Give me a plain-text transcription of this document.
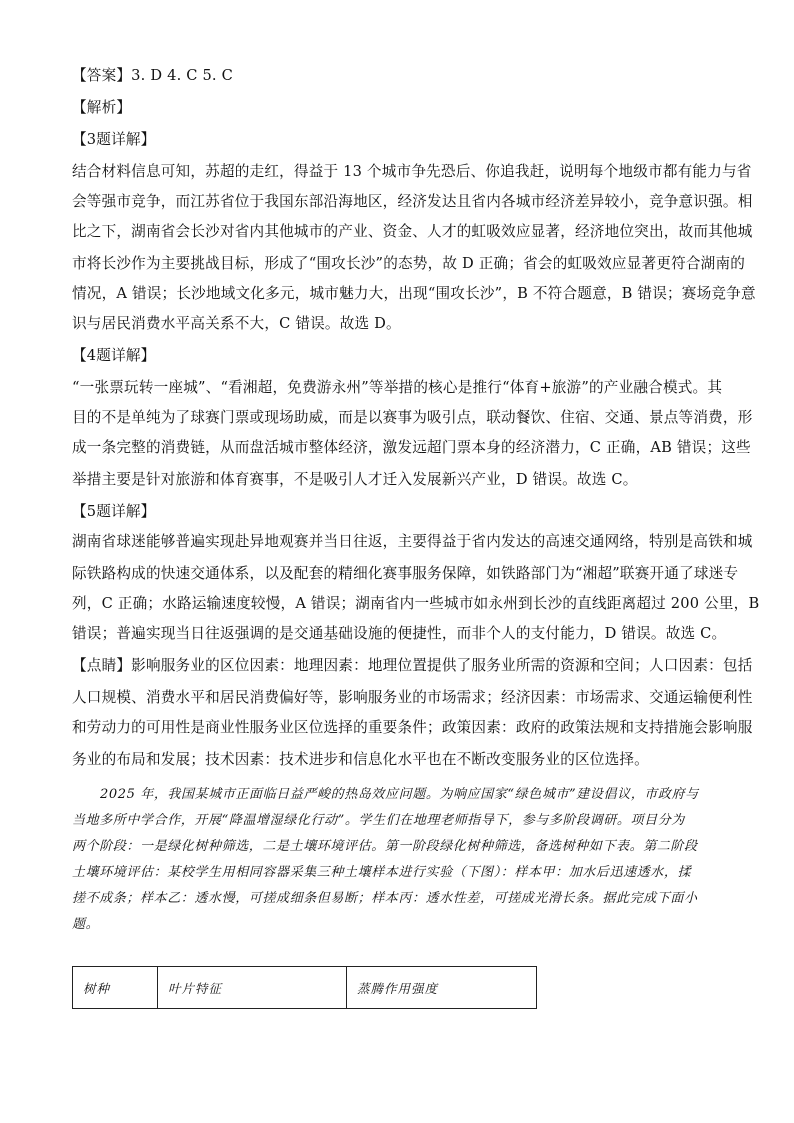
【答案】3. D 4. C 5. C
【解析】
【3题详解】
结合材料信息可知，苏超的走红，得益于 13 个城市争先恐后、你追我赶，说明每个地级市都有能力与省
会等强市竞争，而江苏省位于我国东部沿海地区，经济发达且省内各城市经济差异较小，竞争意识强。相
比之下，湖南省会长沙对省内其他城市的产业、资金、人才的虹吸效应显著，经济地位突出，故而其他城
市将长沙作为主要挑战目标，形成了“围攻长沙”的态势，故 D 正确；省会的虹吸效应显著更符合湖南的
情况，A 错误；长沙地域文化多元，城市魅力大，出现“围攻长沙”，B 不符合题意，B 错误；赛场竞争意
识与居民消费水平高关系不大，C 错误。故选 D。
【4题详解】
“一张票玩转一座城”、“看湘超，免费游永州”等举措的核心是推行“体育+旅游”的产业融合模式。其
目的不是单纯为了球赛门票或现场助威，而是以赛事为吸引点，联动餐饮、住宿、交通、景点等消费，形
成一条完整的消费链，从而盘活城市整体经济，激发远超门票本身的经济潜力，C 正确，AB 错误；这些
举措主要是针对旅游和体育赛事，不是吸引人才迁入发展新兴产业，D 错误。故选 C。
【5题详解】
湖南省球迷能够普遍实现赴异地观赛并当日往返，主要得益于省内发达的高速交通网络，特别是高铁和城
际铁路构成的快速交通体系，以及配套的精细化赛事服务保障，如铁路部门为“湘超”联赛开通了球迷专
列，C 正确；水路运输速度较慢，A 错误；湖南省内一些城市如永州到长沙的直线距离超过 200 公里，B
错误；普遍实现当日往返强调的是交通基础设施的便捷性，而非个人的支付能力，D 错误。故选 C。
【点睛】影响服务业的区位因素：地理因素：地理位置提供了服务业所需的资源和空间；人口因素：包括
人口规模、消费水平和居民消费偏好等，影响服务业的市场需求；经济因素：市场需求、交通运输便利性
和劳动力的可用性是商业性服务业区位选择的重要条件；政策因素：政府的政策法规和支持措施会影响服
务业的布局和发展；技术因素：技术进步和信息化水平也在不断改变服务业的区位选择。
2025 年，我国某城市正面临日益严峻的热岛效应问题。为响应国家“绿色城市”建设倡议，市政府与
当地多所中学合作，开展“降温增湿绿化行动”。学生们在地理老师指导下，参与多阶段调研。项目分为
两个阶段：一是绿化树种筛选，二是土壤环境评估。第一阶段绿化树种筛选，备选树种如下表。第二阶段
土壤环境评估：某校学生用相同容器采集三种土壤样本进行实验（下图）：样本甲：加水后迅速透水，揉
搓不成条；样本乙：透水慢，可搓成细条但易断；样本丙：透水性差，可搓成光滑长条。据此完成下面小
题。
树种	叶片特征	蒸腾作用强度
